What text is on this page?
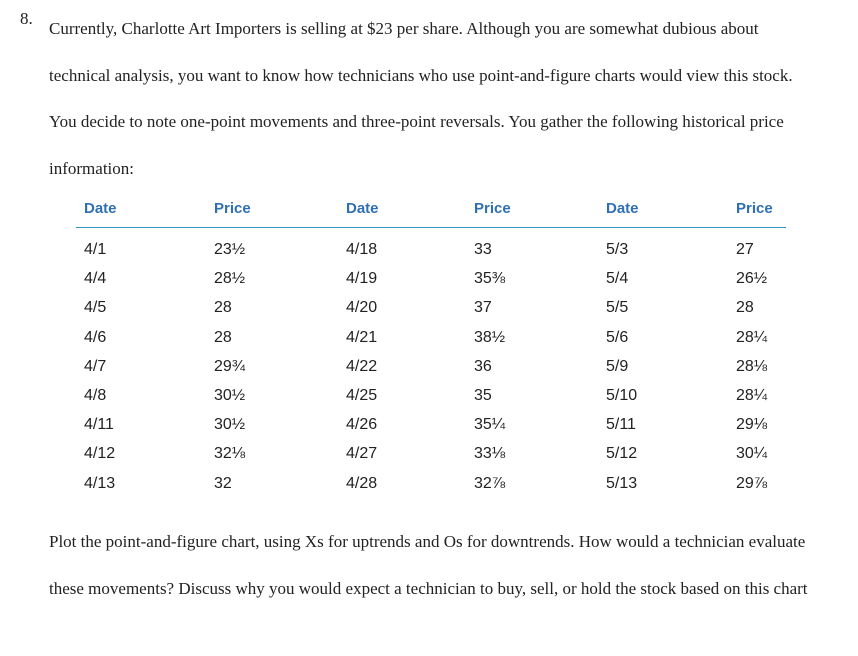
8.

Currently, Charlotte Art Importers is selling at $23 per share. Although you are somewhat dubious about technical analysis, you want to know how technicians who use point-and-figure charts would view this stock. You decide to note one-point movements and three-point reversals. You gather the following historical price information:

Date	Price	Date	Price	Date	Price
4/1	23½	4/18	33	5/3	27
4/4	28½	4/19	35⅜	5/4	26½
4/5	28	4/20	37	5/5	28
4/6	28	4/21	38½	5/6	28¼
4/7	29¾	4/22	36	5/9	28⅛
4/8	30½	4/25	35	5/10	28¼
4/11	30½	4/26	35¼	5/11	29⅛
4/12	32⅛	4/27	33⅛	5/12	30¼
4/13	32	4/28	32⅞	5/13	29⅞

Plot the point-and-figure chart, using Xs for uptrends and Os for downtrends. How would a technician evaluate these movements? Discuss why you would expect a technician to buy, sell, or hold the stock based on this chart
